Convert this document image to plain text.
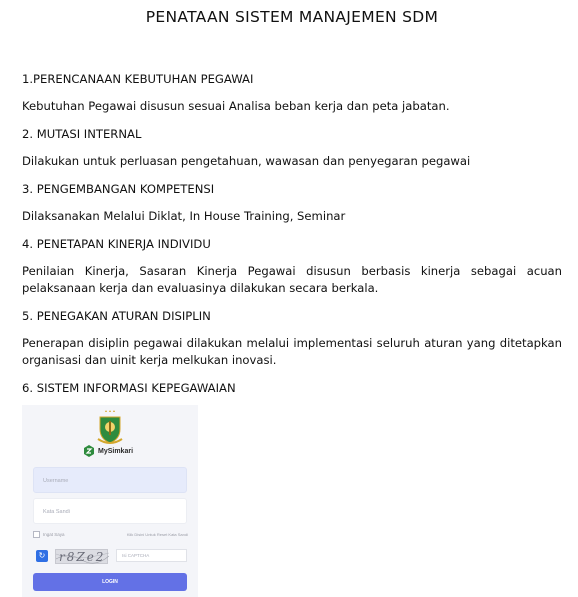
PENATAAN SISTEM MANAJEMEN SDM
1.PERENCANAAN KEBUTUHAN PEGAWAI
Kebutuhan Pegawai disusun sesuai Analisa beban kerja dan peta jabatan.
2. MUTASI INTERNAL
Dilakukan untuk perluasan pengetahuan, wawasan dan penyegaran pegawai
3. PENGEMBANGAN KOMPETENSI
Dilaksanakan Melalui Diklat, In House Training, Seminar
4. PENETAPAN KINERJA INDIVIDU
Penilaian Kinerja, Sasaran Kinerja Pegawai disusun berbasis kinerja sebagai acuan pelaksanaan kerja dan evaluasinya dilakukan secara berkala.
5. PENEGAKAN ATURAN DISIPLIN
Penerapan disiplin pegawai dilakukan melalui implementasi seluruh aturan yang ditetapkan organisasi dan uinit kerja melkukan inovasi.
6. SISTEM INFORMASI KEPEGAWAIAN
MySimkari
Username
Kata Sandi
Ingat Saya	Klik Disini Untuk Reset Kata Sandi
↻ r8Ze2	Isi CAPTCHA
LOGIN
